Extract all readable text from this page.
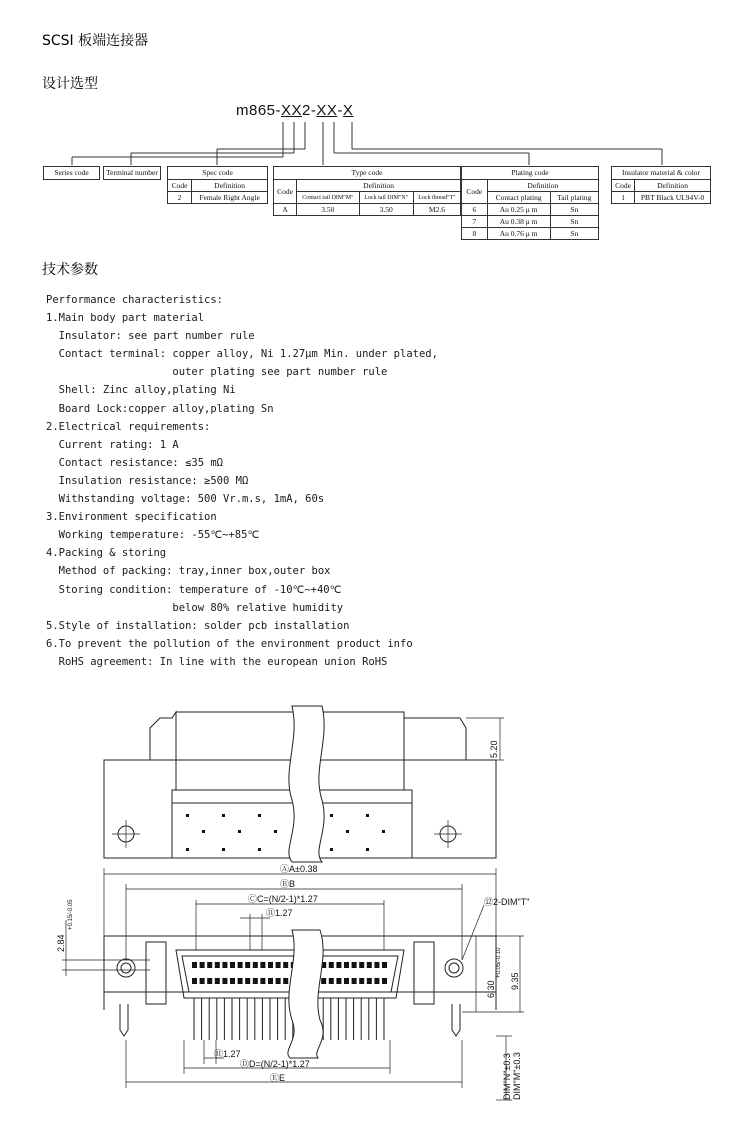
SCSI 板端连接器
设计选型
m865-XX2-XX-X
Series code	Terminal number	Spec code	
Code	Definition
2	Female Right Angle
Type code			
Code	Definition		
	Contact tail DIM"M"	Lock tail DIM"N"	Lock thread"T"
A	3.50	3.50	M2.6
Plating code		
Code	Definition	
	Contact plating	Tail plating
6	Au 0.25 μ m	Sn
7	Au 0.38 μ m	Sn
8	Au 0.76 μ m	Sn
Insulator material & color	
Code	Definition
1	PBT Black UL94V-0
技术参数
Performance characteristics:
1.Main body part material
Insulator: see part number rule
Contact terminal: copper alloy, Ni 1.27μm Min. under plated,
outer plating see part number rule
Shell: Zinc alloy,plating Ni
Board Lock:copper alloy,plating Sn
2.Electrical requirements:
Current rating: 1 A
Contact resistance: ≤35 mΩ
Insulation resistance: ≥500 MΩ
Withstanding voltage: 500 Vr.m.s, 1mA, 60s
3.Environment specification
Working temperature: -55℃~+85℃
4.Packing & storing
Method of packing: tray,inner box,outer box
Storing condition: temperature of -10℃~+40℃
below 80% relative humidity
5.Style of installation: solder pcb installation
6.To prevent the pollution of the environment product info
RoHS agreement: In line with the european union RoHS
5.20
ⒶA±0.38
ⒷB
ⒸC=(N/2-1)*1.27
⑪1.27
⑫2-DIM"T"
2.84
+0.15/-0.05
6.30
+0.05/-0.10
9.35
DIM"M"±0.3
DIM"N"±0.3
⑪1.27
ⒹD=(N/2-1)*1.27
ⒺE
